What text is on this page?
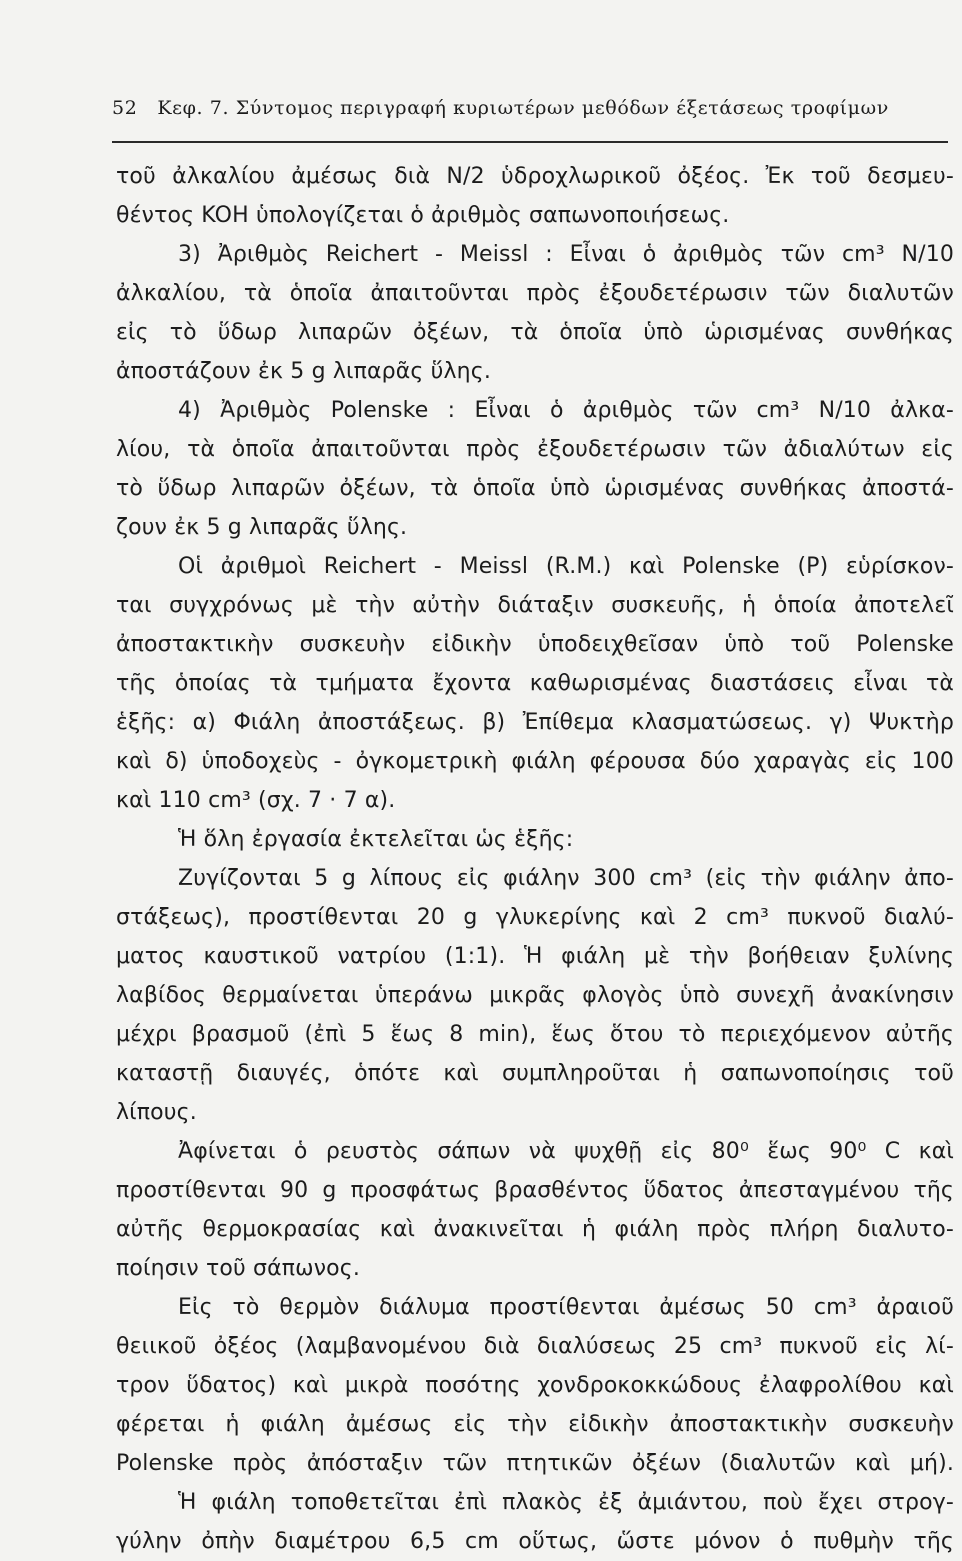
52 Κεφ. 7. Σύντομος περιγραφή κυριωτέρων μεθόδων έξετάσεως τροφίμων
τοῦ ἀλκαλίου ἀμέσως διὰ N/2 ὑδροχλωρικοῦ ὀξέος. Ἐκ τοῦ δεσμευ-
θέντος KOH ὑπολογίζεται ὁ ἀριθμὸς σαπωνοποιήσεως.
3) Ἀριθμὸς Reichert - Meissl : Εἶναι ὁ ἀριθμὸς τῶν cm³ N/10
ἀλκαλίου, τὰ ὁποῖα ἀπαιτοῦνται πρὸς ἐξουδετέρωσιν τῶν διαλυτῶν
εἰς τὸ ὕδωρ λιπαρῶν ὀξέων, τὰ ὁποῖα ὑπὸ ὡρισμένας συνθήκας
ἀποστάζουν ἐκ 5 g λιπαρᾶς ὕλης.
4) Ἀριθμὸς Polenske : Εἶναι ὁ ἀριθμὸς τῶν cm³ N/10 ἀλκα-
λίου, τὰ ὁποῖα ἀπαιτοῦνται πρὸς ἐξουδετέρωσιν τῶν ἀδιαλύτων εἰς
τὸ ὕδωρ λιπαρῶν ὀξέων, τὰ ὁποῖα ὑπὸ ὡρισμένας συνθήκας ἀποστά-
ζουν ἐκ 5 g λιπαρᾶς ὕλης.
Οἱ ἀριθμοὶ Reichert - Meissl (R.M.) καὶ Polenske (P) εὑρίσκον-
ται συγχρόνως μὲ τὴν αὐτὴν διάταξιν συσκευῆς, ἡ ὁποία ἀποτελεῖ
ἀποστακτικὴν συσκευὴν εἰδικὴν ὑποδειχθεῖσαν ὑπὸ τοῦ Polenske
τῆς ὁποίας τὰ τμήματα ἔχοντα καθωρισμένας διαστάσεις εἶναι τὰ
ἑξῆς: α) Φιάλη ἀποστάξεως. β) Ἐπίθεμα κλασματώσεως. γ) Ψυκτὴρ
καὶ δ) ὑποδοχεὺς - ὀγκομετρικὴ φιάλη φέρουσα δύο χαραγὰς εἰς 100
καὶ 110 cm³ (σχ. 7 · 7 α).
Ἡ ὅλη ἐργασία ἐκτελεῖται ὡς ἑξῆς:
Ζυγίζονται 5 g λίπους εἰς φιάλην 300 cm³ (εἰς τὴν φιάλην ἀπο-
στάξεως), προστίθενται 20 g γλυκερίνης καὶ 2 cm³ πυκνοῦ διαλύ-
ματος καυστικοῦ νατρίου (1:1). Ἡ φιάλη μὲ τὴν βοήθειαν ξυλίνης
λαβίδος θερμαίνεται ὑπεράνω μικρᾶς φλογὸς ὑπὸ συνεχῆ ἀνακίνησιν
μέχρι βρασμοῦ (ἐπὶ 5 ἕως 8 min), ἕως ὅτου τὸ περιεχόμενον αὐτῆς
καταστῇ διαυγές, ὁπότε καὶ συμπληροῦται ἡ σαπωνοποίησις τοῦ
λίπους.
Ἀφίνεται ὁ ρευστὸς σάπων νὰ ψυχθῇ εἰς 80⁰ ἕως 90⁰ C καὶ
προστίθενται 90 g προσφάτως βρασθέντος ὕδατος ἀπεσταγμένου τῆς
αὐτῆς θερμοκρασίας καὶ ἀνακινεῖται ἡ φιάλη πρὸς πλήρη διαλυτο-
ποίησιν τοῦ σάπωνος.
Εἰς τὸ θερμὸν διάλυμα προστίθενται ἀμέσως 50 cm³ ἀραιοῦ
θειικοῦ ὀξέος (λαμβανομένου διὰ διαλύσεως 25 cm³ πυκνοῦ εἰς λί-
τρον ὕδατος) καὶ μικρὰ ποσότης χονδροκοκκώδους ἐλαφρολίθου καὶ
φέρεται ἡ φιάλη ἀμέσως εἰς τὴν εἰδικὴν ἀποστακτικὴν συσκευὴν
Polenske πρὸς ἀπόσταξιν τῶν πτητικῶν ὀξέων (διαλυτῶν καὶ μή).
Ἡ φιάλη τοποθετεῖται ἐπὶ πλακὸς ἐξ ἀμιάντου, ποὺ ἔχει στρογ-
γύλην ὀπὴν διαμέτρου 6,5 cm οὕτως, ὥστε μόνον ὁ πυθμὴν τῆς
